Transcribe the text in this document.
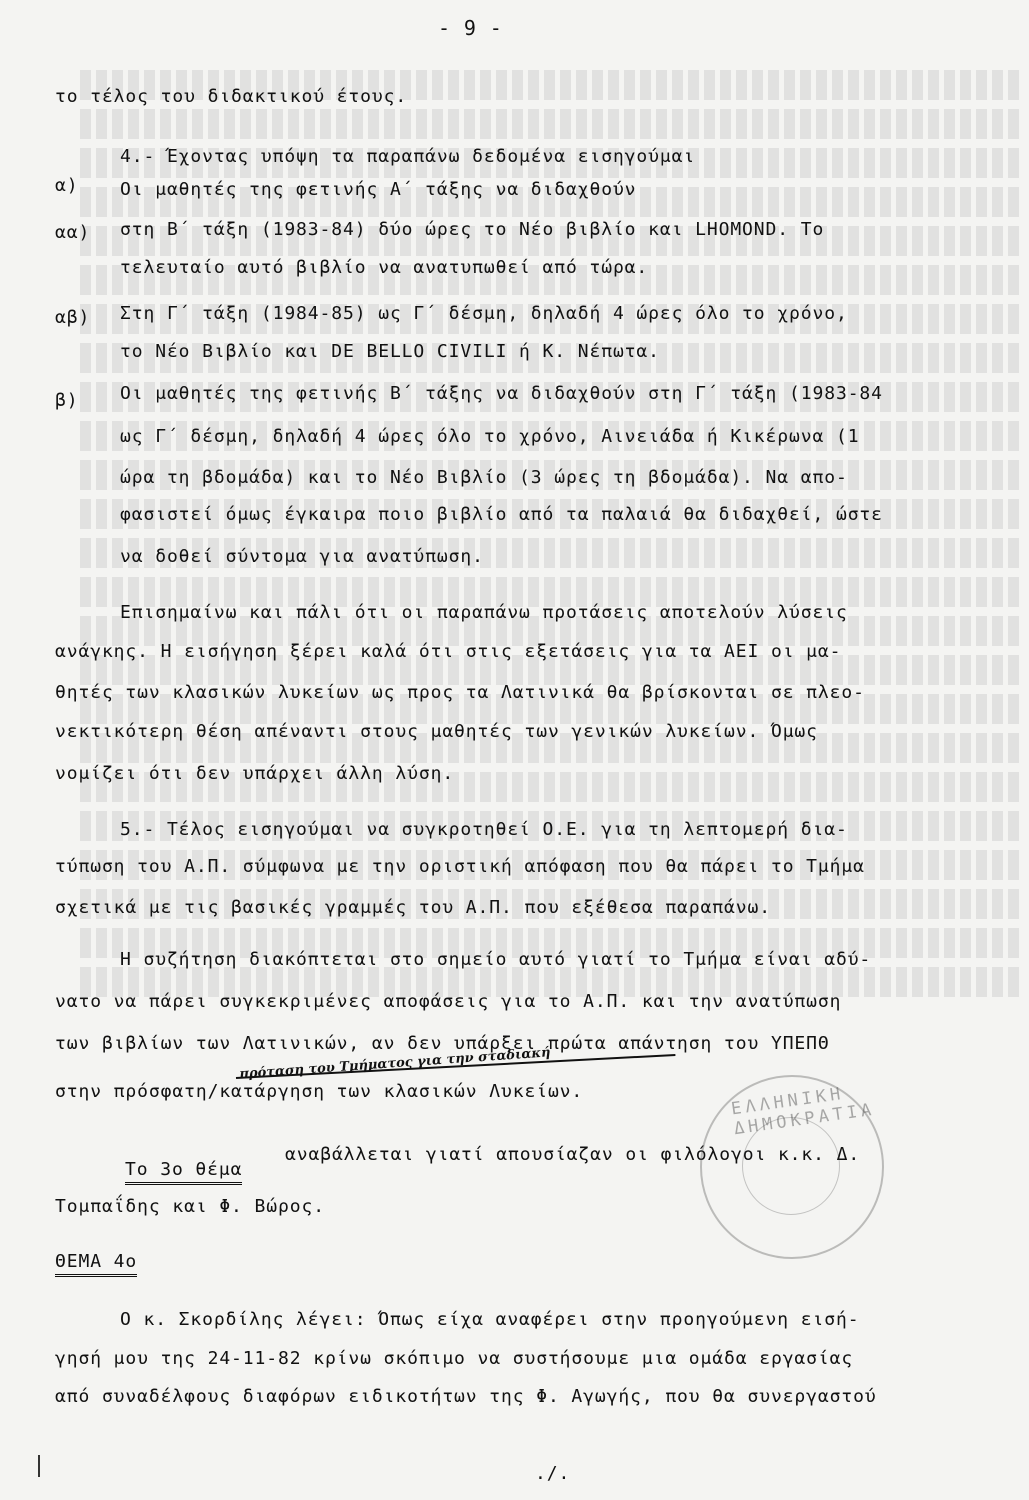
- 9 -
το τέλος του διδακτικού έτους.
4.- Έχοντας υπόψη τα παραπάνω δεδομένα εισηγούμαι
α) Οι μαθητές της φετινής Α΄ τάξης να διδαχθούν
αα) στη Β΄ τάξη (1983-84) δύο ώρες το Νέο βιβλίο και LHOMOND. Το
τελευταίο αυτό βιβλίο να ανατυπωθεί από τώρα.
αβ) Στη Γ΄ τάξη (1984-85) ως Γ΄ δέσμη, δηλαδή 4 ώρες όλο το χρόνο,
το Νέο Βιβλίο και DE BELLO CIVILI ή Κ. Νέπωτα.
β) Οι μαθητές της φετινής Β΄ τάξης να διδαχθούν στη Γ΄ τάξη (1983-84
ως Γ΄ δέσμη, δηλαδή 4 ώρες όλο το χρόνο, Αινειάδα ή Κικέρωνα (1
ώρα τη βδομάδα) και το Νέο Βιβλίο (3 ώρες τη βδομάδα). Να απο-
φασιστεί όμως έγκαιρα ποιο βιβλίο από τα παλαιά θα διδαχθεί, ώστε
να δοθεί σύντομα για ανατύπωση.
Επισημαίνω και πάλι ότι οι παραπάνω προτάσεις αποτελούν λύσεις
ανάγκης. Η εισήγηση ξέρει καλά ότι στις εξετάσεις για τα ΑΕΙ οι μα-
θητές των κλασικών λυκείων ως προς τα Λατινικά θα βρίσκονται σε πλεο-
νεκτικότερη θέση απέναντι στους μαθητές των γενικών λυκείων. Όμως
νομίζει ότι δεν υπάρχει άλλη λύση.
5.- Τέλος εισηγούμαι να συγκροτηθεί Ο.Ε. για τη λεπτομερή δια-
τύπωση του Α.Π. σύμφωνα με την οριστική απόφαση που θα πάρει το Τμήμα
σχετικά με τις βασικές γραμμές του Α.Π. που εξέθεσα παραπάνω.
Η συζήτηση διακόπτεται στο σημείο αυτό γιατί το Τμήμα είναι αδύ-
νατο να πάρει συγκεκριμένες αποφάσεις για το Α.Π. και την ανατύπωση
των βιβλίων των Λατινικών, αν δεν υπάρξει πρώτα απάντηση του ΥΠΕΠΘ
πρόταση του Τμήματος για την σταδιακή
στην πρόσφατη/κατάργηση των κλασικών Λυκείων.
Το 3ο θέμα
αναβάλλεται γιατί απουσίαζαν οι φιλόλογοι κ.κ. Δ.
Τομπαΐδης και Φ. Βώρος.
ΘΕΜΑ 4ο
Ο κ. Σκορδίλης λέγει: Όπως είχα αναφέρει στην προηγούμενη εισή-
γησή μου της 24-11-82 κρίνω σκόπιμο να συστήσουμε μια ομάδα εργασίας
από συναδέλφους διαφόρων ειδικοτήτων της Φ. Αγωγής, που θα συνεργαστού
ΕΛΛΗΝΙΚΗ ΔΗΜΟΚΡΑΤΙΑ
./.
